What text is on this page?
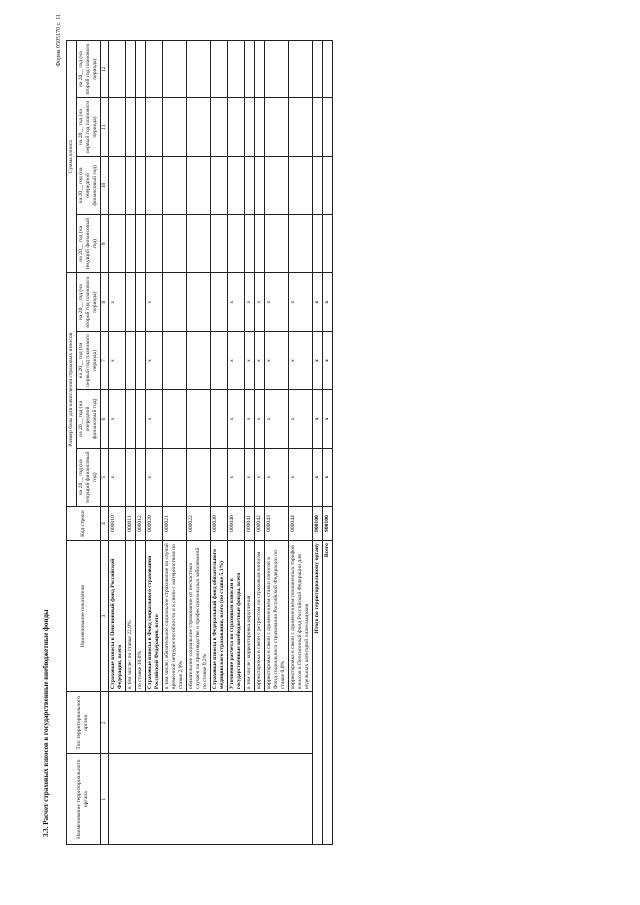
Форма 0505170 с. 11
3.3. Расчет страховых взносов в государственные внебюджетные фонды	Наименование территориального органа	Тип территориального органа	Наименование показателя	Код строки	Размер базы для начисления страховых взносов				Сумма взноса			
				на 20__ год (на текущий финансовый год)	на 20__ год (на очередной финансовый год)	на 20__ год (на первый год планового периода)	на 20__ год (на второй год планового периода)	на 20__ год (на текущий финансовый год)	на 20__ год (на очередной финансовый год)	на 20__ год (на первый год планового периода)	на 20__ год (на второй год планового периода)
1	2	3	4	5	6	7	8	9	10	11	12
		Страховые взносы в Пенсионный фонд Российской Федерации, всего	000010	x	x	x	x				
		в том числе: по ставке 22,0%	000011								
		по ставке 10,0%	000012								
		Страховые взносы в Фонд социального страхования Российской Федерации, всего	000020	x	x	x	x				
		в том числе: обязательное социальное страхование на случай временной нетрудоспособности и в связи с материнством по ставке 2,9%	000021								
		обязательное социальное страхование от несчастных случаев на производстве и профессиональных заболеваний по ставке 0,2%	000022								
		Страховые взносы в Федеральный фонд обязательного медицинского страхования, всего (по ставке 5,1%)	000030								
		Уточнение расчета по страховым взносам в государственные внебюджетные фонды, всего	000040	x	x	x	x				
		в том числе: корректировка округления	000041	x	x	x	x				
		корректировка в связи с регрессом по страховым взносам	000042	x	x	x	x				
		корректировка в связи с применением ставки взносов в Фонд социального страхования Российской Федерации по ставке 0,0%	000043	x	x	x	x				
		корректировка в связи с применением пониженных тарифов взносов в Пенсионный фонд Российской Федерации для отдельных категорий плательщиков	000044	x	x	x	x				
Итого по территориальному органу			900100	x	x	x	x				
Всего			900100	x	x	x	x				
